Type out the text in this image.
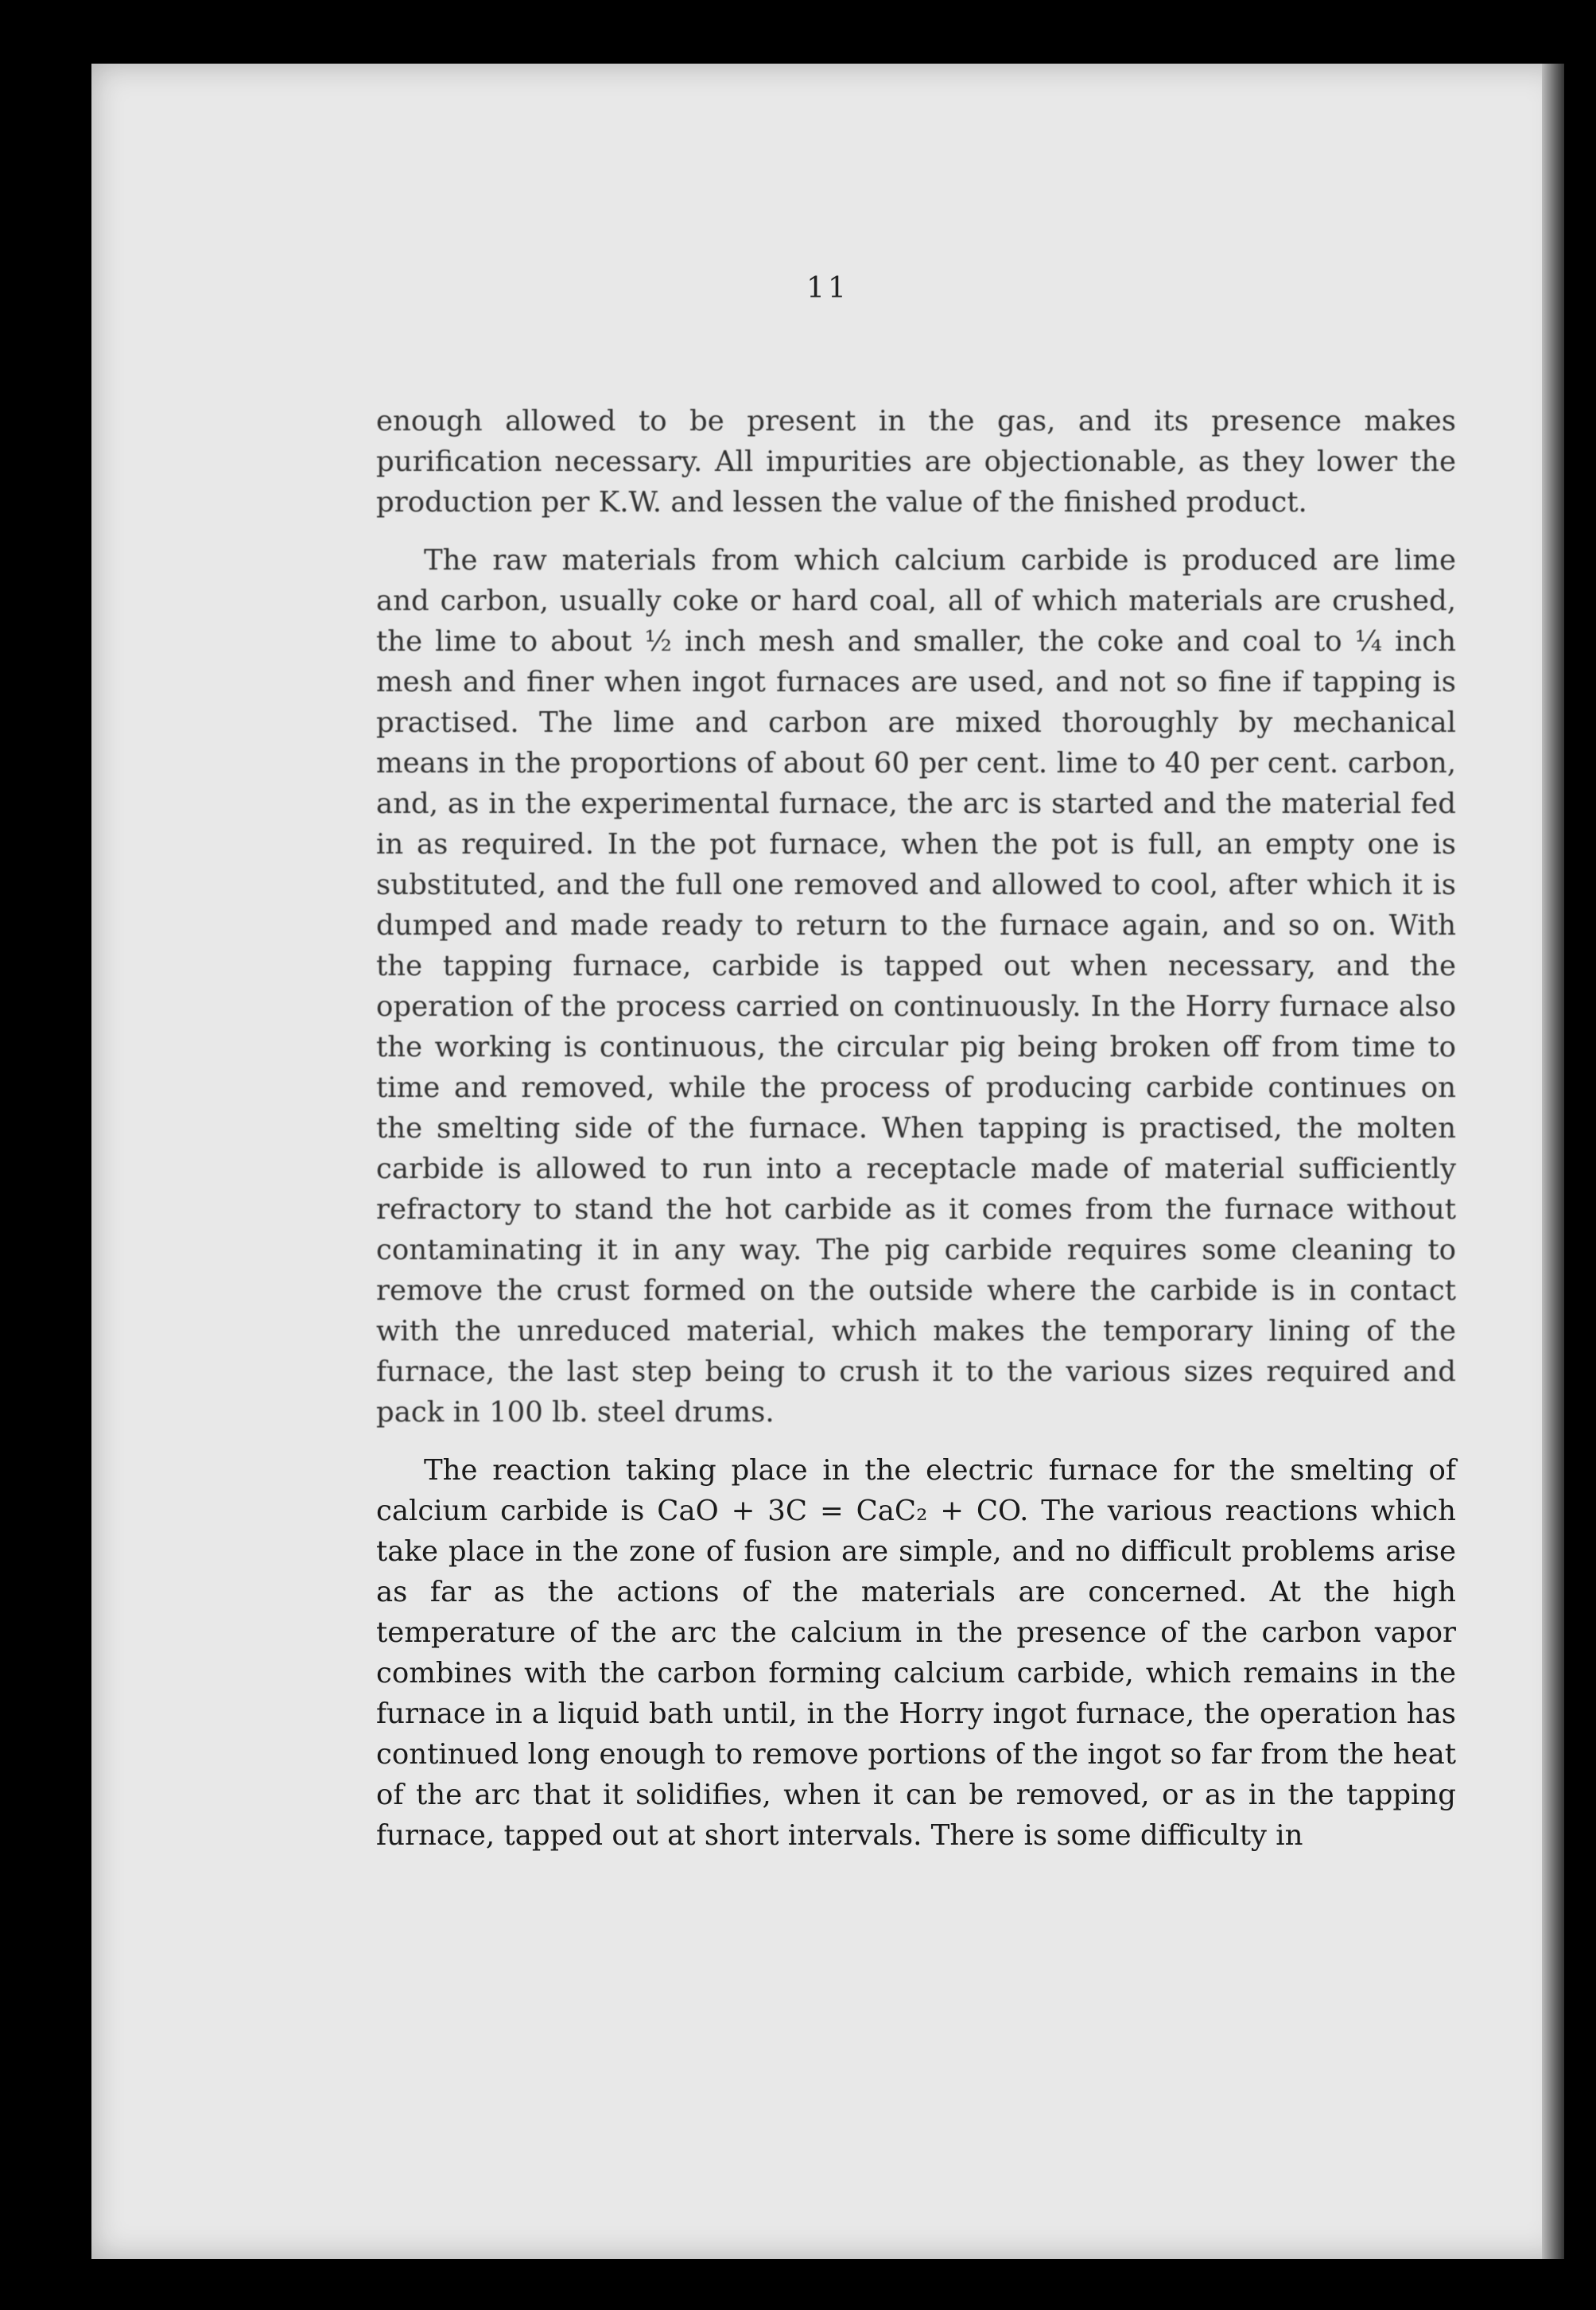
11

enough allowed to be present in the gas, and its presence makes purification necessary. All impurities are objectionable, as they lower the production per K.W. and lessen the value of the finished product.

The raw materials from which calcium carbide is produced are lime and carbon, usually coke or hard coal, all of which materials are crushed, the lime to about ½ inch mesh and smaller, the coke and coal to ¼ inch mesh and finer when ingot furnaces are used, and not so fine if tapping is practised. The lime and carbon are mixed thoroughly by mechanical means in the proportions of about 60 per cent. lime to 40 per cent. carbon, and, as in the experimental furnace, the arc is started and the material fed in as required. In the pot furnace, when the pot is full, an empty one is substituted, and the full one removed and allowed to cool, after which it is dumped and made ready to return to the furnace again, and so on. With the tapping furnace, carbide is tapped out when necessary, and the operation of the process carried on continuously. In the Horry furnace also the working is continuous, the circular pig being broken off from time to time and removed, while the process of producing carbide continues on the smelting side of the furnace. When tapping is practised, the molten carbide is allowed to run into a receptacle made of material sufficiently refractory to stand the hot carbide as it comes from the furnace without contaminating it in any way. The pig carbide requires some cleaning to remove the crust formed on the outside where the carbide is in contact with the unreduced material, which makes the temporary lining of the furnace, the last step being to crush it to the various sizes required and pack in 100 lb. steel drums.

The reaction taking place in the electric furnace for the smelting of calcium carbide is CaO + 3C = CaC₂ + CO. The various reactions which take place in the zone of fusion are simple, and no difficult problems arise as far as the actions of the materials are concerned. At the high temperature of the arc the calcium in the presence of the carbon vapor combines with the carbon forming calcium carbide, which remains in the furnace in a liquid bath until, in the Horry ingot furnace, the operation has continued long enough to remove portions of the ingot so far from the heat of the arc that it solidifies, when it can be removed, or as in the tapping furnace, tapped out at short intervals. There is some difficulty in
